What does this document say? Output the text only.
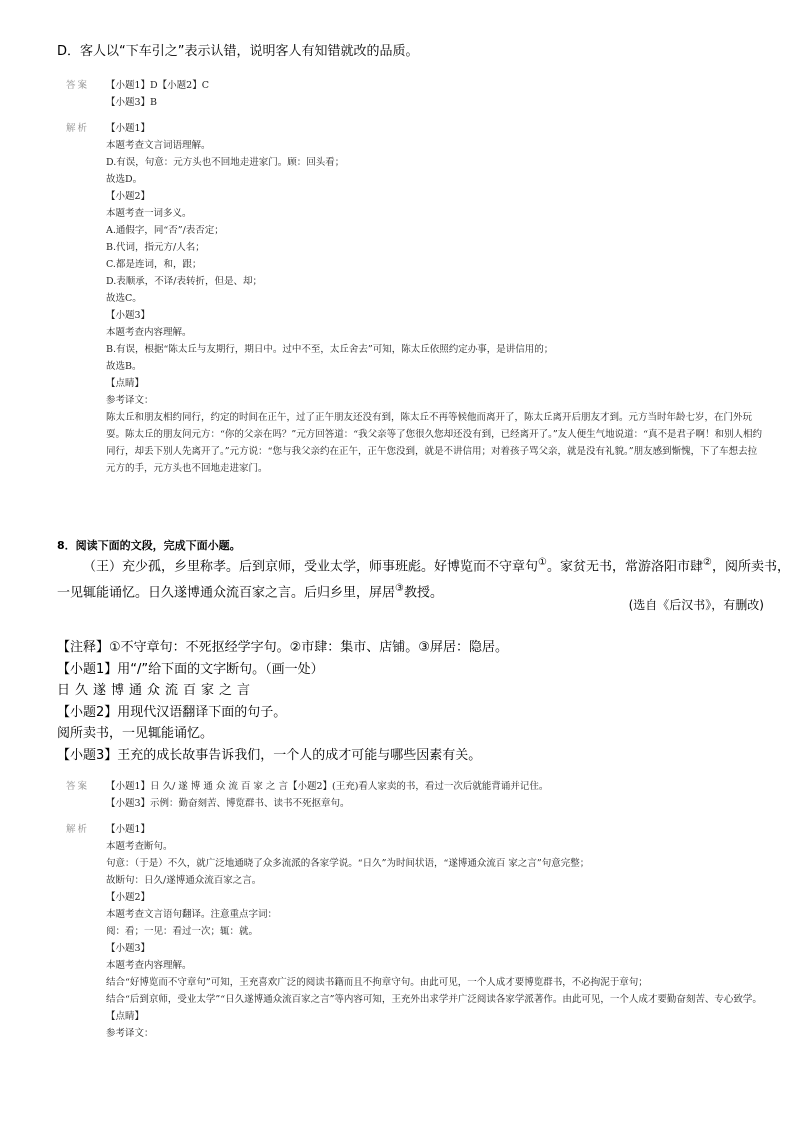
D．客人以“下车引之”表示认错，说明客人有知错就改的品质。
答案	【小题1】D【小题2】C
【小题3】B
解析	【小题1】
本题考查文言词语理解。
D.有误，句意：元方头也不回地走进家门。顾：回头看；
故选D。
【小题2】
本题考查一词多义。
A.通假字，同“否”/表否定；
B.代词，指元方/人名；
C.都是连词，和，跟；
D.表顺承，不译/表转折，但是、却；
故选C。
【小题3】
本题考查内容理解。
B.有误，根据“陈太丘与友期行，期日中。过中不至，太丘舍去”可知，陈太丘依照约定办事，是讲信用的；
故选B。
【点睛】
参考译文：
陈太丘和朋友相约同行，约定的时间在正午，过了正午朋友还没有到，陈太丘不再等候他而离开了，陈太丘离开后朋友才到。元方当时年龄七岁，在门外玩耍。陈太丘的朋友问元方：“你的父亲在吗？”元方回答道：“我父亲等了您很久您却还没有到，已经离开了。”友人便生气地说道：“真不是君子啊！和别人相约同行，却丢下别人先离开了。”元方说：“您与我父亲约在正午，正午您没到，就是不讲信用；对着孩子骂父亲，就是没有礼貌。”朋友感到惭愧，下了车想去拉元方的手，元方头也不回地走进家门。
8．阅读下面的文段，完成下面小题。
（王）充少孤，乡里称孝。后到京师，受业太学，师事班彪。好博览而不守章句①。家贫无书，常游洛阳市肆②，阅所卖书，
一见辄能诵忆。日久遂博通众流百家之言。后归乡里，屏居③教授。
(选自《后汉书》，有删改)
【注释】①不守章句：不死抠经学字句。②市肆：集市、店铺。③屏居：隐居。
【小题1】用“/”给下面的文字断句。（画一处）
日久遂博通众流百家之言
【小题2】用现代汉语翻译下面的句子。
阅所卖书，一见辄能诵忆。
【小题3】王充的成长故事告诉我们，一个人的成才可能与哪些因素有关。
答案	【小题1】日 久/ 遂 博 通 众 流 百 家 之 言【小题2】(王充)看人家卖的书，看过一次后就能背诵并记住。
【小题3】示例：勤奋刻苦、博览群书、读书不死抠章句。
解析	【小题1】
本题考查断句。
句意：（于是）不久，就广泛地通晓了众多流派的各家学说。“日久”为时间状语，“遂博通众流百 家之言”句意完整；
故断句：日久/遂博通众流百家之言。
【小题2】
本题考查文言语句翻译。注意重点字词：
阅：看；一见：看过一次；辄：就。
【小题3】
本题考查内容理解。
结合“好博览而不守章句”可知，王充喜欢广泛的阅读书籍而且不拘章守句。由此可见，一个人成才要博览群书，不必拘泥于章句；
结合“后到京师，受业太学”“日久遂博通众流百家之言”等内容可知，王充外出求学并广泛阅读各家学派著作。由此可见，一个人成才要勤奋刻苦、专心致学。
【点睛】
参考译文：
